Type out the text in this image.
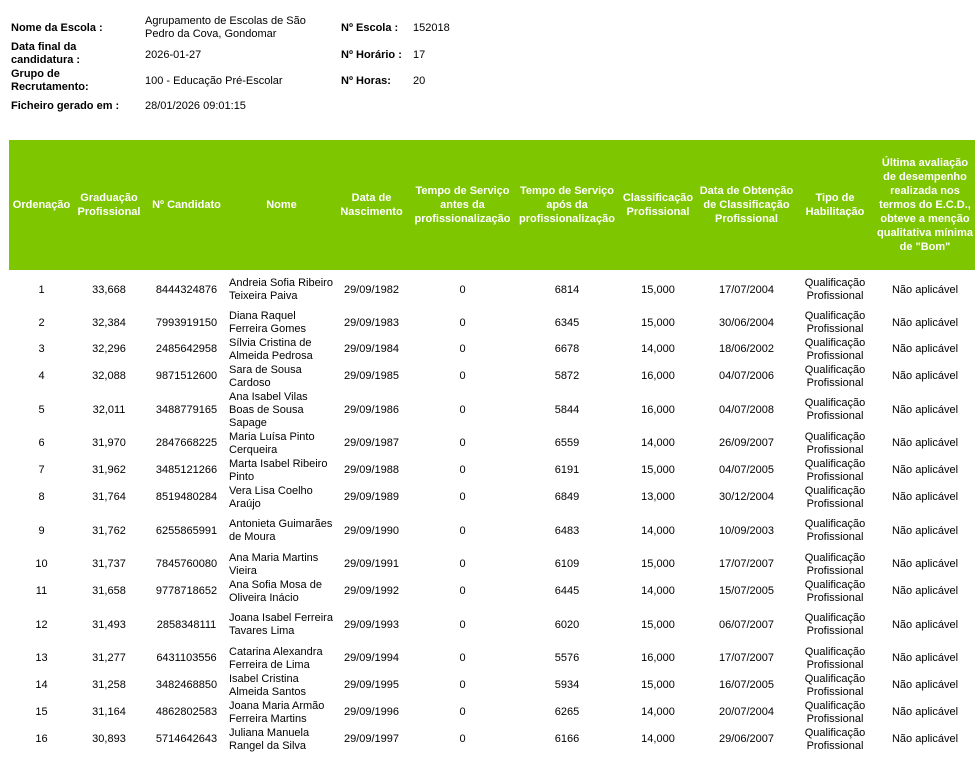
Nome da Escola :
Agrupamento de Escolas de São Pedro da Cova, Gondomar
Data final da candidatura :	2026-01-27
Grupo de Recrutamento:	100 - Educação Pré-Escolar
Ficheiro gerado em :	28/01/2026 09:01:15
Nº Escola :	152018
Nº Horário :	17
Nº Horas:	20
Ordenação	Graduação Profissional	Nº Candidato	Nome	Data de Nascimento	Tempo de Serviço antes da profissionalização	Tempo de Serviço após da profissionalização	Classificação Profissional	Data de Obtenção de Classificação Profissional	Tipo de Habilitação	Última avaliação de desempenho realizada nos termos do E.C.D., obteve a menção qualitativa mínima de "Bom"
1	33,668	8444324876	Andreia Sofia Ribeiro Teixeira Paiva	29/09/1982	0	6814	15,000	17/07/2004	Qualificação Profissional	Não aplicável
2	32,384	7993919150	Diana Raquel Ferreira Gomes	29/09/1983	0	6345	15,000	30/06/2004	Qualificação Profissional	Não aplicável
3	32,296	2485642958	Sílvia Cristina de Almeida Pedrosa	29/09/1984	0	6678	14,000	18/06/2002	Qualificação Profissional	Não aplicável
4	32,088	9871512600	Sara de Sousa Cardoso	29/09/1985	0	5872	16,000	04/07/2006	Qualificação Profissional	Não aplicável
5	32,011	3488779165	Ana Isabel Vilas Boas de Sousa Sapage	29/09/1986	0	5844	16,000	04/07/2008	Qualificação Profissional	Não aplicável
6	31,970	2847668225	Maria Luísa Pinto Cerqueira	29/09/1987	0	6559	14,000	26/09/2007	Qualificação Profissional	Não aplicável
7	31,962	3485121266	Marta Isabel Ribeiro Pinto	29/09/1988	0	6191	15,000	04/07/2005	Qualificação Profissional	Não aplicável
8	31,764	8519480284	Vera Lisa Coelho Araújo	29/09/1989	0	6849	13,000	30/12/2004	Qualificação Profissional	Não aplicável
9	31,762	6255865991	Antonieta Guimarães de Moura	29/09/1990	0	6483	14,000	10/09/2003	Qualificação Profissional	Não aplicável
10	31,737	7845760080	Ana Maria Martins Vieira	29/09/1991	0	6109	15,000	17/07/2007	Qualificação Profissional	Não aplicável
11	31,658	9778718652	Ana Sofia Mosa de Oliveira Inácio	29/09/1992	0	6445	14,000	15/07/2005	Qualificação Profissional	Não aplicável
12	31,493	2858348111	Joana Isabel Ferreira Tavares Lima	29/09/1993	0	6020	15,000	06/07/2007	Qualificação Profissional	Não aplicável
13	31,277	6431103556	Catarina Alexandra Ferreira de Lima	29/09/1994	0	5576	16,000	17/07/2007	Qualificação Profissional	Não aplicável
14	31,258	3482468850	Isabel Cristina Almeida Santos	29/09/1995	0	5934	15,000	16/07/2005	Qualificação Profissional	Não aplicável
15	31,164	4862802583	Joana Maria Armão Ferreira Martins	29/09/1996	0	6265	14,000	20/07/2004	Qualificação Profissional	Não aplicável
16	30,893	5714642643	Juliana Manuela Rangel da Silva	29/09/1997	0	6166	14,000	29/06/2007	Qualificação Profissional	Não aplicável
